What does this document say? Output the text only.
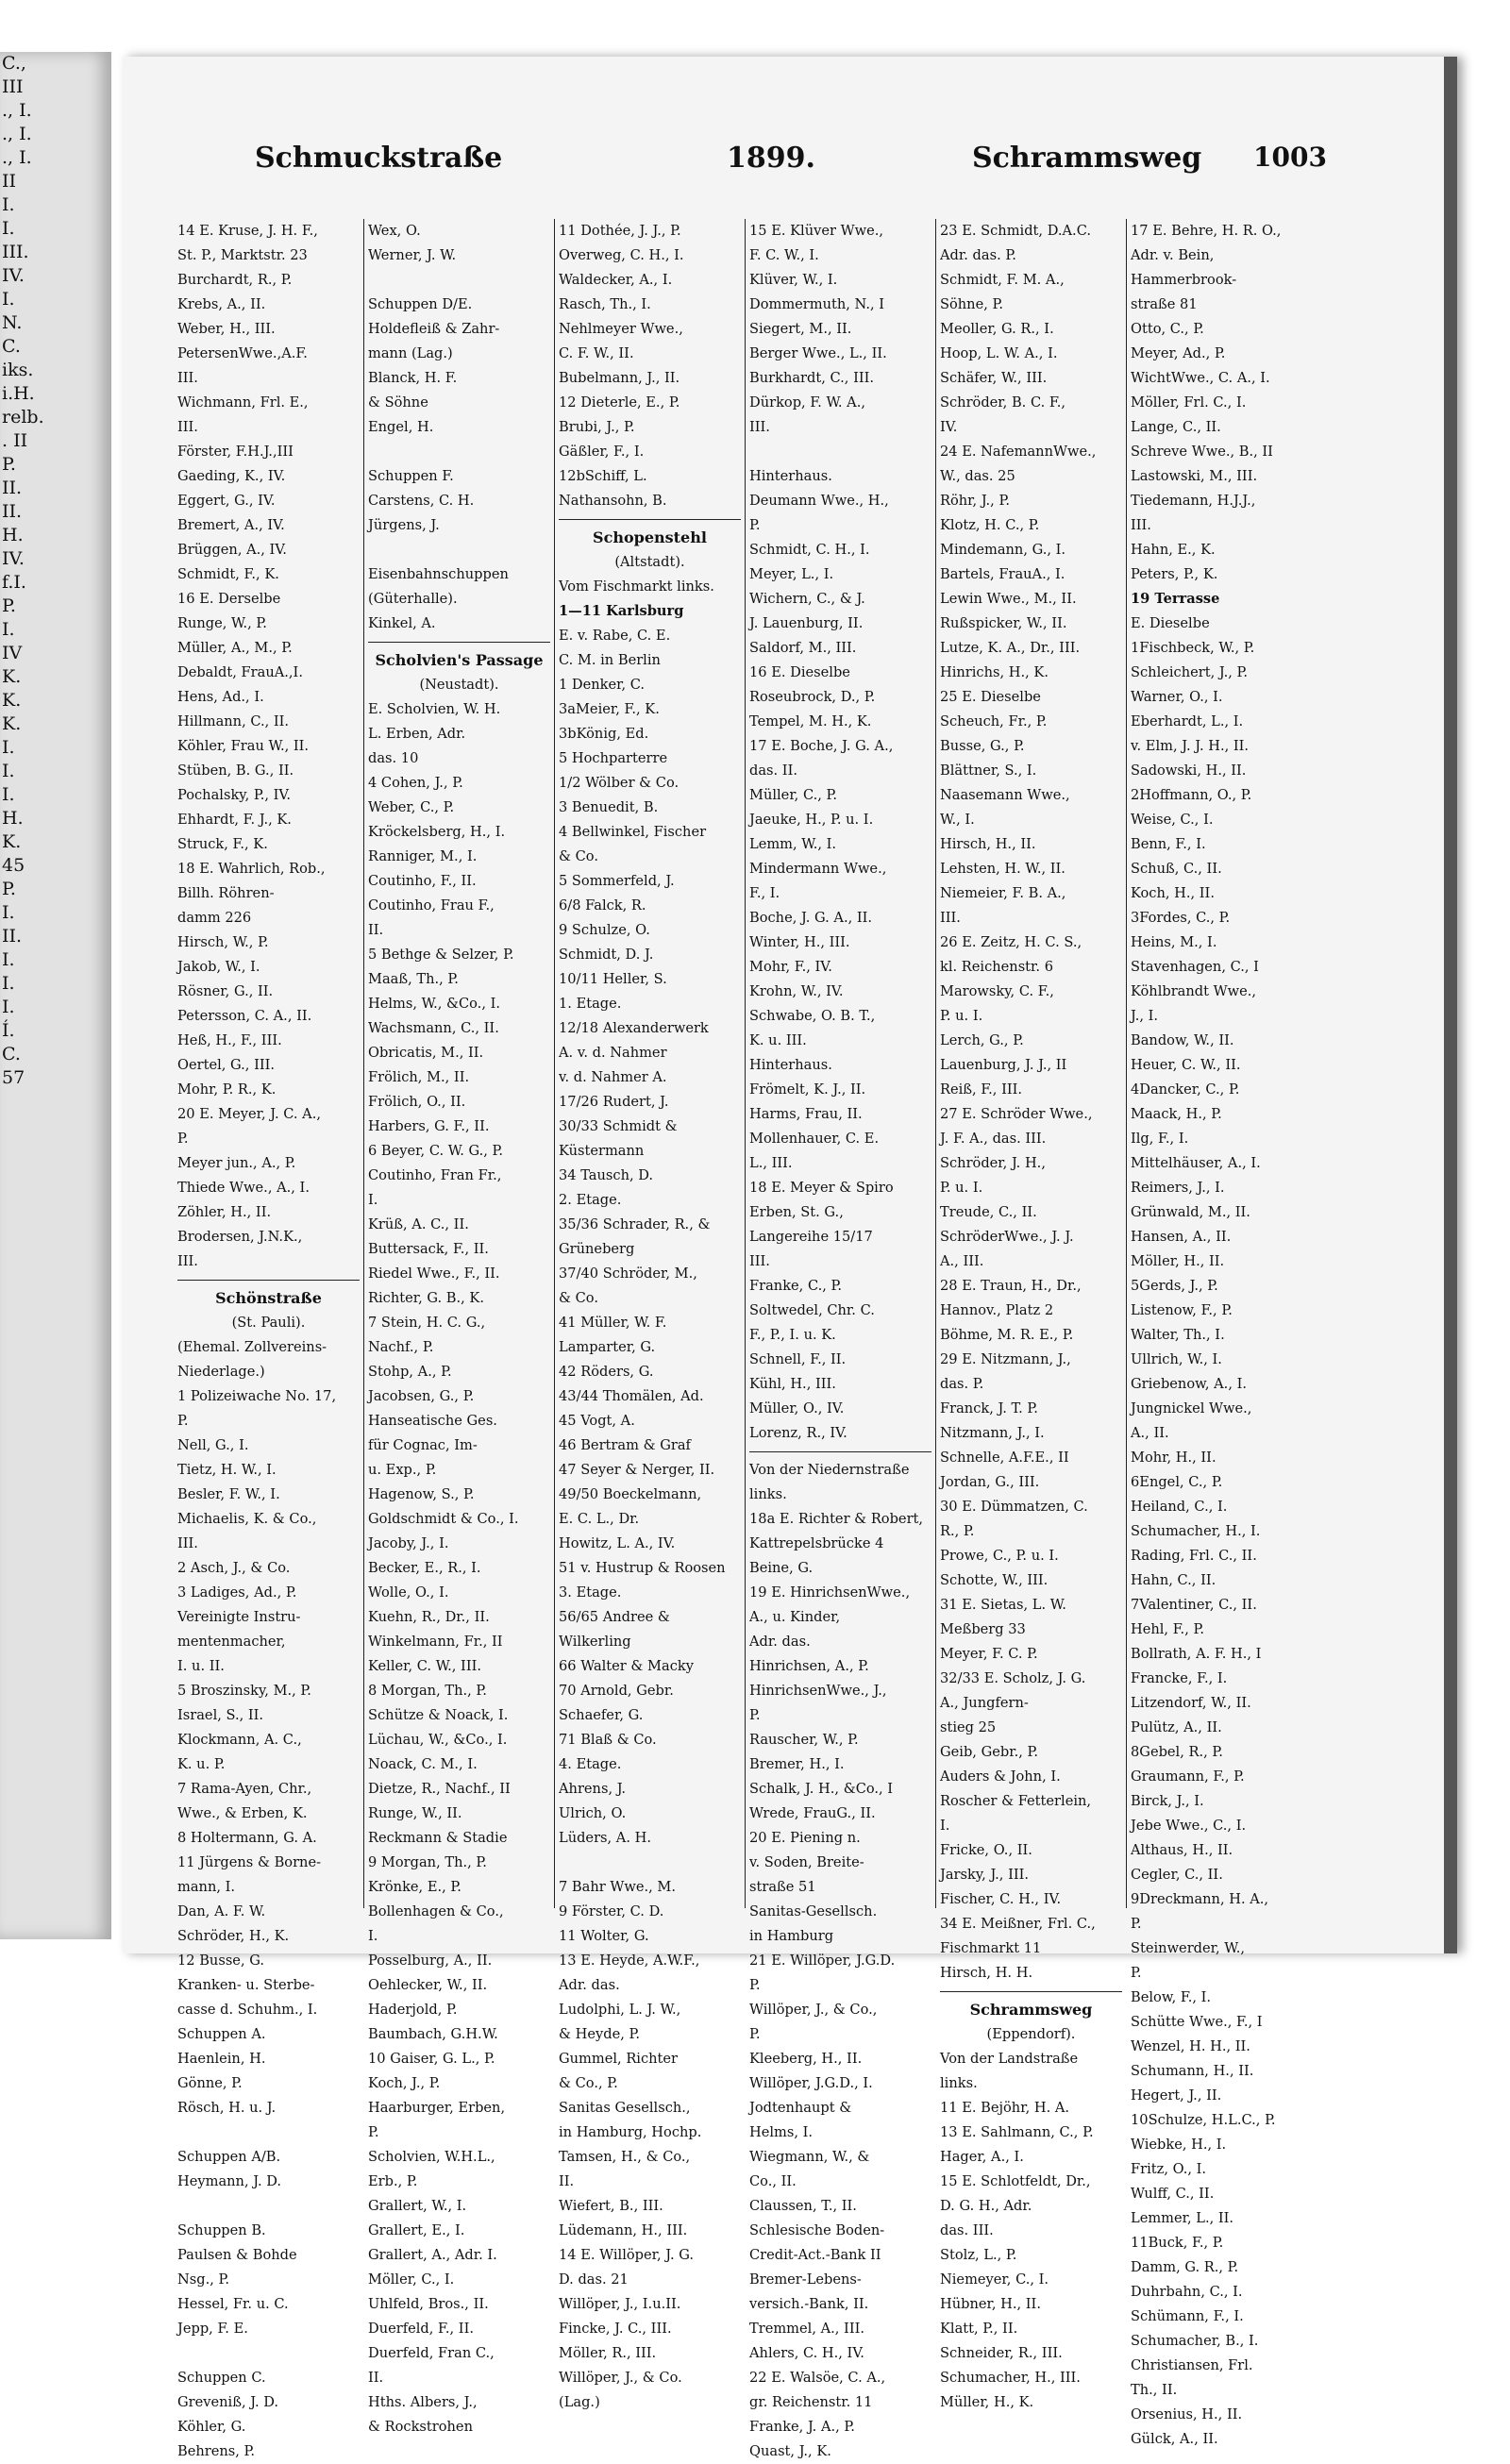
C.,
III
., I.
., I.
., I.
II
I.
I.
III.
IV.
I.
N.
C.
iks.
i.H.
relb.
. II
P.
II.
II.
H.
IV.
f.I.
P.
I.
IV
K.
K.
K.
I.
I.
I.
H.
K.
45
P.
I.
II.
I.
I.
I.
Í.
C.
57
Schmuckstraße	1899.	Schrammsweg 1003
14 E. Kruse, J. H. F.,
St. P., Marktstr. 23
Burchardt, R., P.
Krebs, A., II.
Weber, H., III.
PetersenWwe.,A.F.
III.
Wichmann, Frl. E.,
III.
Förster, F.H.J.,III
Gaeding, K., IV.
Eggert, G., IV.
Bremert, A., IV.
Brüggen, A., IV.
Schmidt, F., K.
16 E. Derselbe
Runge, W., P.
Müller, A., M., P.
Debaldt, FrauA.,I.
Hens, Ad., I.
Hillmann, C., II.
Köhler, Frau W., II.
Stüben, B. G., II.
Pochalsky, P., IV.
Ehhardt, F. J., K.
Struck, F., K.
18 E. Wahrlich, Rob.,
Billh. Röhren-
damm 226
Hirsch, W., P.
Jakob, W., I.
Rösner, G., II.
Petersson, C. A., II.
Heß, H., F., III.
Oertel, G., III.
Mohr, P. R., K.
20 E. Meyer, J. C. A.,
P.
Meyer jun., A., P.
Thiede Wwe., A., I.
Zöhler, H., II.
Brodersen, J.N.K.,
III.
Schönstraße
(St. Pauli).
(Ehemal. Zollvereins-
Niederlage.)
1 Polizeiwache No. 17,
P.
Nell, G., I.
Tietz, H. W., I.
Besler, F. W., I.
Michaelis, K. & Co.,
III.
2 Asch, J., & Co.
3 Ladiges, Ad., P.
Vereinigte Instru-
mentenmacher,
I. u. II.
5 Broszinsky, M., P.
Israel, S., II.
Klockmann, A. C.,
K. u. P.
7 Rama-Ayen, Chr.,
Wwe., & Erben, K.
8 Holtermann, G. A.
11 Jürgens & Borne-
mann, I.
Dan, A. F. W.
Schröder, H., K.
12 Busse, G.
Kranken- u. Sterbe-
casse d. Schuhm., I.
Schuppen A.
Haenlein, H.
Gönne, P.
Rösch, H. u. J.

Schuppen A/B.
Heymann, J. D.

Schuppen B.
Paulsen & Bohde
Nsg., P.
Hessel, Fr. u. C.
Jepp, F. E.

Schuppen C.
Greveniß, J. D.
Köhler, G.
Behrens, P.
Wex, O.
Werner, J. W.

Schuppen D/E.
Holdefleiß & Zahr-
mann (Lag.)
Blanck, H. F.
& Söhne
Engel, H.

Schuppen F.
Carstens, C. H.
Jürgens, J.

Eisenbahnschuppen
(Güterhalle).
Kinkel, A.
Scholvien's Passage
(Neustadt).
E. Scholvien, W. H.
L. Erben, Adr.
das. 10
4 Cohen, J., P.
Weber, C., P.
Kröckelsberg, H., I.
Ranniger, M., I.
Coutinho, F., II.
Coutinho, Frau F.,
II.
5 Bethge & Selzer, P.
Maaß, Th., P.
Helms, W., &Co., I.
Wachsmann, C., II.
Obricatis, M., II.
Frölich, M., II.
Frölich, O., II.
Harbers, G. F., II.
6 Beyer, C. W. G., P.
Coutinho, Fran Fr.,
I.
Krüß, A. C., II.
Buttersack, F., II.
Riedel Wwe., F., II.
Richter, G. B., K.
7 Stein, H. C. G.,
Nachf., P.
Stohp, A., P.
Jacobsen, G., P.
Hanseatische Ges.
für Cognac, Im-
u. Exp., P.
Hagenow, S., P.
Goldschmidt & Co., I.
Jacoby, J., I.
Becker, E., R., I.
Wolle, O., I.
Kuehn, R., Dr., II.
Winkelmann, Fr., II
Keller, C. W., III.
8 Morgan, Th., P.
Schütze & Noack, I.
Lüchau, W., &Co., I.
Noack, C. M., I.
Dietze, R., Nachf., II
Runge, W., II.
Reckmann & Stadie
9 Morgan, Th., P.
Krönke, E., P.
Bollenhagen & Co.,
I.
Posselburg, A., II.
Oehlecker, W., II.
Haderjold, P.
Baumbach, G.H.W.
10 Gaiser, G. L., P.
Koch, J., P.
Haarburger, Erben,
P.
Scholvien, W.H.L.,
Erb., P.
Grallert, W., I.
Grallert, E., I.
Grallert, A., Adr. I.
Möller, C., I.
Uhlfeld, Bros., II.
Duerfeld, F., II.
Duerfeld, Fran C.,
II.
Hths. Albers, J.,
& Rockstrohen
11 Dothée, J. J., P.
Overweg, C. H., I.
Waldecker, A., I.
Rasch, Th., I.
Nehlmeyer Wwe.,
C. F. W., II.
Bubelmann, J., II.
12 Dieterle, E., P.
Brubi, J., P.
Gäßler, F., I.
12bSchiff, L.
Nathansohn, B.
Schopenstehl
(Altstadt).
Vom Fischmarkt links.
1—11 Karlsburg
E. v. Rabe, C. E.
C. M. in Berlin
1 Denker, C.
3aMeier, F., K.
3bKönig, Ed.
5 Hochparterre
1/2 Wölber & Co.
3 Benuedit, B.
4 Bellwinkel, Fischer
& Co.
5 Sommerfeld, J.
6/8 Falck, R.
9 Schulze, O.
Schmidt, D. J.
10/11 Heller, S.
1. Etage.
12/18 Alexanderwerk
A. v. d. Nahmer
v. d. Nahmer A.
17/26 Rudert, J.
30/33 Schmidt &
Küstermann
34 Tausch, D.
2. Etage.
35/36 Schrader, R., &
Grüneberg
37/40 Schröder, M.,
& Co.
41 Müller, W. F.
Lamparter, G.
42 Röders, G.
43/44 Thomälen, Ad.
45 Vogt, A.
46 Bertram & Graf
47 Seyer & Nerger, II.
49/50 Boeckelmann,
E. C. L., Dr.
Howitz, L. A., IV.
51 v. Hustrup & Roosen
3. Etage.
56/65 Andree &
Wilkerling
66 Walter & Macky
70 Arnold, Gebr.
Schaefer, G.
71 Blaß & Co.
4. Etage.
Ahrens, J.
Ulrich, O.
Lüders, A. H.

7 Bahr Wwe., M.
9 Förster, C. D.
11 Wolter, G.
13 E. Heyde, A.W.F.,
Adr. das.
Ludolphi, L. J. W.,
& Heyde, P.
Gummel, Richter
& Co., P.
Sanitas Gesellsch.,
in Hamburg, Hochp.
Tamsen, H., & Co.,
II.
Wiefert, B., III.
Lüdemann, H., III.
14 E. Willöper, J. G.
D. das. 21
Willöper, J., I.u.II.
Fincke, J. C., III.
Möller, R., III.
Willöper, J., & Co.
(Lag.)
15 E. Klüver Wwe.,
F. C. W., I.
Klüver, W., I.
Dommermuth, N., I
Siegert, M., II.
Berger Wwe., L., II.
Burkhardt, C., III.
Dürkop, F. W. A.,
III.

Hinterhaus.
Deumann Wwe., H.,
P.
Schmidt, C. H., I.
Meyer, L., I.
Wichern, C., & J.
J. Lauenburg, II.
Saldorf, M., III.
16 E. Dieselbe
Roseubrock, D., P.
Tempel, M. H., K.
17 E. Boche, J. G. A.,
das. II.
Müller, C., P.
Jaeuke, H., P. u. I.
Lemm, W., I.
Mindermann Wwe.,
F., I.
Boche, J. G. A., II.
Winter, H., III.
Mohr, F., IV.
Krohn, W., IV.
Schwabe, O. B. T.,
K. u. III.
Hinterhaus.
Frömelt, K. J., II.
Harms, Frau, II.
Mollenhauer, C. E.
L., III.
18 E. Meyer & Spiro
Erben, St. G.,
Langereihe 15/17
III.
Franke, C., P.
Soltwedel, Chr. C.
F., P., I. u. K.
Schnell, F., II.
Kühl, H., III.
Müller, O., IV.
Lorenz, R., IV.
Von der Niedernstraße
links.
18a E. Richter & Robert,
Kattrepelsbrücke 4
Beine, G.
19 E. HinrichsenWwe.,
A., u. Kinder,
Adr. das.
Hinrichsen, A., P.
HinrichsenWwe., J.,
P.
Rauscher, W., P.
Bremer, H., I.
Schalk, J. H., &Co., I
Wrede, FrauG., II.
20 E. Piening n.
v. Soden, Breite-
straße 51
Sanitas-Gesellsch.
in Hamburg
21 E. Willöper, J.G.D.
P.
Willöper, J., & Co.,
P.
Kleeberg, H., II.
Willöper, J.G.D., I.
Jodtenhaupt &
Helms, I.
Wiegmann, W., &
Co., II.
Claussen, T., II.
Schlesische Boden-
Credit-Act.-Bank II
Bremer-Lebens-
versich.-Bank, II.
Tremmel, A., III.
Ahlers, C. H., IV.
22 E. Walsöe, C. A.,
gr. Reichenstr. 11
Franke, J. A., P.
Quast, J., K.
23 E. Schmidt, D.A.C.
Adr. das. P.
Schmidt, F. M. A.,
Söhne, P.
Meoller, G. R., I.
Hoop, L. W. A., I.
Schäfer, W., III.
Schröder, B. C. F.,
IV.
24 E. NafemannWwe.,
W., das. 25
Röhr, J., P.
Klotz, H. C., P.
Mindemann, G., I.
Bartels, FrauA., I.
Lewin Wwe., M., II.
Rußspicker, W., II.
Lutze, K. A., Dr., III.
Hinrichs, H., K.
25 E. Dieselbe
Scheuch, Fr., P.
Busse, G., P.
Blättner, S., I.
Naasemann Wwe.,
W., I.
Hirsch, H., II.
Lehsten, H. W., II.
Niemeier, F. B. A.,
III.
26 E. Zeitz, H. C. S.,
kl. Reichenstr. 6
Marowsky, C. F.,
P. u. I.
Lerch, G., P.
Lauenburg, J. J., II
Reiß, F., III.
27 E. Schröder Wwe.,
J. F. A., das. III.
Schröder, J. H.,
P. u. I.
Treude, C., II.
SchröderWwe., J. J.
A., III.
28 E. Traun, H., Dr.,
Hannov., Platz 2
Böhme, M. R. E., P.
29 E. Nitzmann, J.,
das. P.
Franck, J. T. P.
Nitzmann, J., I.
Schnelle, A.F.E., II
Jordan, G., III.
30 E. Dümmatzen, C.
R., P.
Prowe, C., P. u. I.
Schotte, W., III.
31 E. Sietas, L. W.
Meßberg 33
Meyer, F. C. P.
32/33 E. Scholz, J. G.
A., Jungfern-
stieg 25
Geib, Gebr., P.
Auders & John, I.
Roscher & Fetterlein,
I.
Fricke, O., II.
Jarsky, J., III.
Fischer, C. H., IV.
34 E. Meißner, Frl. C.,
Fischmarkt 11
Hirsch, H. H.
Schrammsweg
(Eppendorf).
Von der Landstraße
links.
11 E. Bejöhr, H. A.
13 E. Sahlmann, C., P.
Hager, A., I.
15 E. Schlotfeldt, Dr.,
D. G. H., Adr.
das. III.
Stolz, L., P.
Niemeyer, C., I.
Hübner, H., II.
Klatt, P., II.
Schneider, R., III.
Schumacher, H., III.
Müller, H., K.
17 E. Behre, H. R. O.,
Adr. v. Bein,
Hammerbrook-
straße 81
Otto, C., P.
Meyer, Ad., P.
WichtWwe., C. A., I.
Möller, Frl. C., I.
Lange, C., II.
Schreve Wwe., B., II
Lastowski, M., III.
Tiedemann, H.J.J.,
III.
Hahn, E., K.
Peters, P., K.
19 Terrasse
E. Dieselbe
1Fischbeck, W., P.
Schleichert, J., P.
Warner, O., I.
Eberhardt, L., I.
v. Elm, J. J. H., II.
Sadowski, H., II.
2Hoffmann, O., P.
Weise, C., I.
Benn, F., I.
Schuß, C., II.
Koch, H., II.
3Fordes, C., P.
Heins, M., I.
Stavenhagen, C., I
Köhlbrandt Wwe.,
J., I.
Bandow, W., II.
Heuer, C. W., II.
4Dancker, C., P.
Maack, H., P.
Ilg, F., I.
Mittelhäuser, A., I.
Reimers, J., I.
Grünwald, M., II.
Hansen, A., II.
Möller, H., II.
5Gerds, J., P.
Listenow, F., P.
Walter, Th., I.
Ullrich, W., I.
Griebenow, A., I.
Jungnickel Wwe.,
A., II.
Mohr, H., II.
6Engel, C., P.
Heiland, C., I.
Schumacher, H., I.
Rading, Frl. C., II.
Hahn, C., II.
7Valentiner, C., II.
Hehl, F., P.
Bollrath, A. F. H., I
Francke, F., I.
Litzendorf, W., II.
Pulütz, A., II.
8Gebel, R., P.
Graumann, F., P.
Birck, J., I.
Jebe Wwe., C., I.
Althaus, H., II.
Cegler, C., II.
9Dreckmann, H. A.,
P.
Steinwerder, W.,
P.
Below, F., I.
Schütte Wwe., F., I
Wenzel, H. H., II.
Schumann, H., II.
Hegert, J., II.
10Schulze, H.L.C., P.
Wiebke, H., I.
Fritz, O., I.
Wulff, C., II.
Lemmer, L., II.
11Buck, F., P.
Damm, G. R., P.
Duhrbahn, C., I.
Schümann, F., I.
Schumacher, B., I.
Christiansen, Frl.
Th., II.
Orsenius, H., II.
Gülck, A., II.
